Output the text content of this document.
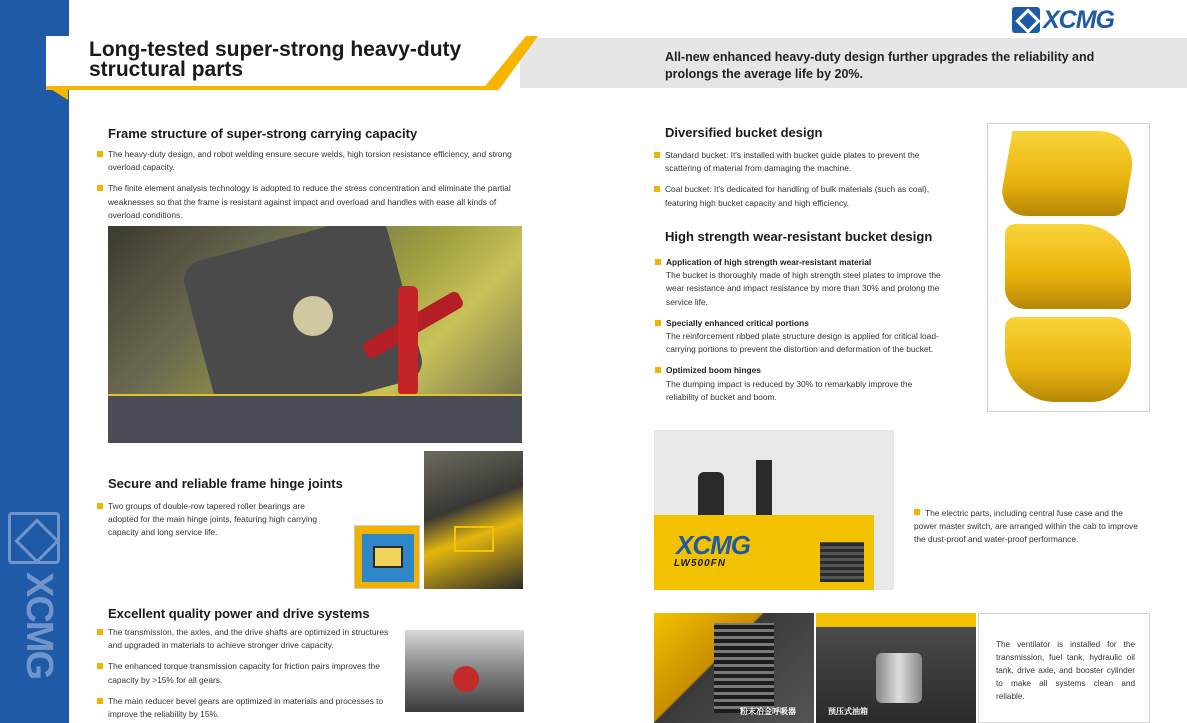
XCMG
XCMG
Long-tested super-strong heavy-duty structural parts
All-new enhanced heavy-duty design further upgrades the reliability and prolongs the average life by 20%.
Frame structure of super-strong carrying capacity
The heavy-duty design, and robot welding ensure secure welds, high torsion resistance efficiency, and strong overload capacity.
The finite element analysis technology is adopted to reduce the stress concentration and eliminate the partial weaknesses so that the frame is resistant against impact and overload and handles with ease all kinds of overload conditions.
Secure and reliable frame hinge joints
Two groups of double-row tapered roller bearings are adopted for the main hinge joints, featuring high carrying capacity and long service life.
Excellent quality power and drive systems
The transmission, the axles, and the drive shafts are optimized in structures and upgraded in materials to achieve stronger drive capacity.
The enhanced torque transmission capacity for friction pairs improves the capacity by >15% for all gears.
The main reducer bevel gears are optimized in materials and processes to improve the reliability by 15%.
Diversified bucket design
Standard bucket: It's installed with bucket guide plates to prevent the scattering of material from damaging the machine.
Coal bucket: It's dedicated for handling of bulk materials (such as coal), featuring high bucket capacity and high efficiency.
High strength wear-resistant bucket design
Application of high strength wear-resistant material
The bucket is thoroughly made of high strength steel plates to improve the wear resistance and impact resistance by more than 30% and prolong the service life.
Specially enhanced critical portions
The reinforcement ribbed plate structure design is applied for critical load-carrying portions to prevent the distortion and deformation of the bucket.
Optimized boom hinges
The dumping impact is reduced by 30% to remarkably improve the reliability of bucket and boom.
XCMG
LW500FN
The electric parts, including central fuse case and the power master switch, are arranged within the cab to improve the dust-proof and water-proof performance.
粉末冶金呼吸器	预压式油箱
The ventilator is installed for the transmission, fuel tank, hydraulic oil tank, drive axle, and booster cylinder to make all systems clean and reliable.
